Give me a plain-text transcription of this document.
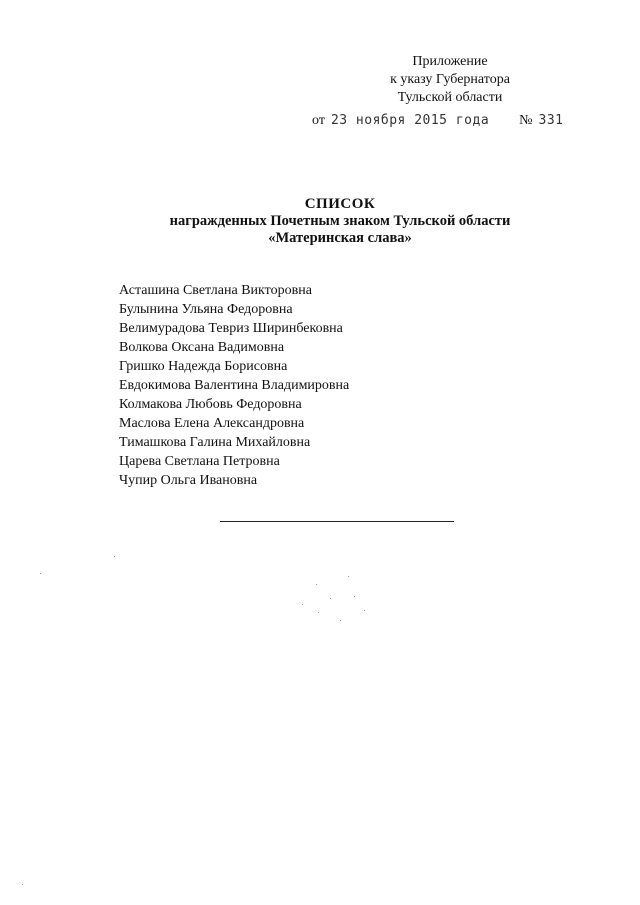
Приложение
к указу Губернатора
Тульской области
от 23 ноября 2015 года № 331
СПИСОК
награжденных Почетным знаком Тульской области
«Материнская слава»
Асташина Светлана Викторовна
Булынина Ульяна Федоровна
Велимурадова Тевриз Ширинбековна
Волкова Оксана Вадимовна
Гришко Надежда Борисовна
Евдокимова Валентина Владимировна
Колмакова Любовь Федоровна
Маслова Елена Александровна
Тимашкова Галина Михайловна
Царева Светлана Петровна
Чупир Ольга Ивановна
